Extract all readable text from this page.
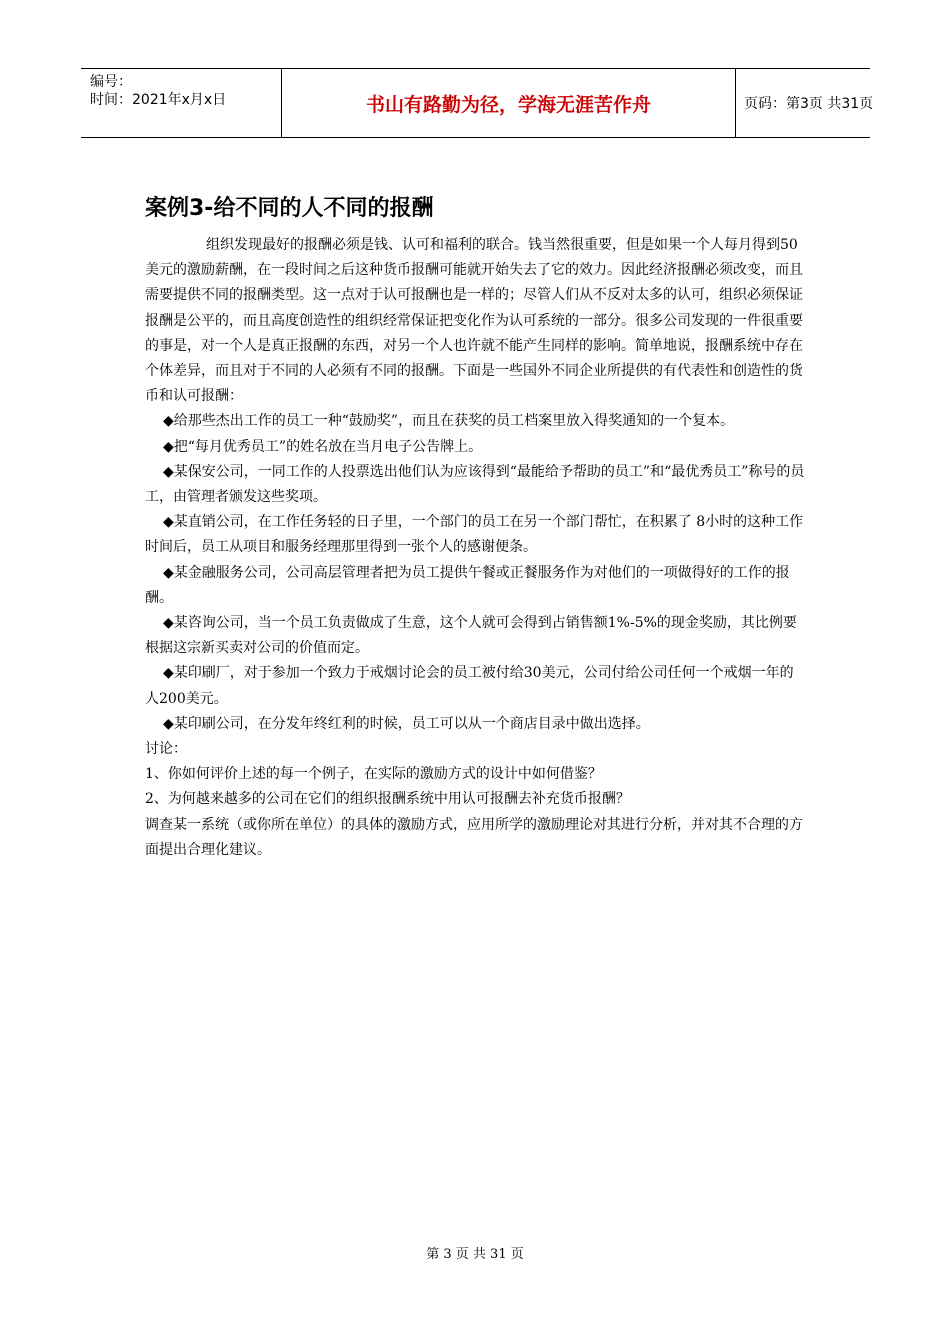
编号：
时间：2021年x月x日	书山有路勤为径，学海无涯苦作舟	页码：第3页 共31页
案例3-给不同的人不同的报酬

组织发现最好的报酬必须是钱、认可和福利的联合。钱当然很重要，但是如果一个人每月得到50美元的激励薪酬，在一段时间之后这种货币报酬可能就开始失去了它的效力。因此经济报酬必须改变，而且需要提供不同的报酬类型。这一点对于认可报酬也是一样的；尽管人们从不反对太多的认可，组织必须保证报酬是公平的，而且高度创造性的组织经常保证把变化作为认可系统的一部分。很多公司发现的一件很重要的事是，对一个人是真正报酬的东西，对另一个人也许就不能产生同样的影响。简单地说，报酬系统中存在个体差异，而且对于不同的人必须有不同的报酬。下面是一些国外不同企业所提供的有代表性和创造性的货币和认可报酬：

◆给那些杰出工作的员工一种“鼓励奖”，而且在获奖的员工档案里放入得奖通知的一个复本。

◆把“每月优秀员工”的姓名放在当月电子公告牌上。

◆某保安公司，一同工作的人投票选出他们认为应该得到“最能给予帮助的员工”和“最优秀员工”称号的员工，由管理者颁发这些奖项。

◆某直销公司，在工作任务轻的日子里，一个部门的员工在另一个部门帮忙，在积累了 8小时的这种工作时间后，员工从项目和服务经理那里得到一张个人的感谢便条。

◆某金融服务公司，公司高层管理者把为员工提供午餐或正餐服务作为对他们的一项做得好的工作的报酬。

◆某咨询公司，当一个员工负责做成了生意，这个人就可会得到占销售额1%-5%的现金奖励，其比例要根据这宗新买卖对公司的价值而定。

◆某印刷厂，对于参加一个致力于戒烟讨论会的员工被付给30美元，公司付给公司任何一个戒烟一年的人200美元。

◆某印刷公司，在分发年终红利的时候，员工可以从一个商店目录中做出选择。

讨论：

1、你如何评价上述的每一个例子，在实际的激励方式的设计中如何借鉴？

2、为何越来越多的公司在它们的组织报酬系统中用认可报酬去补充货币报酬？

调查某一系统（或你所在单位）的具体的激励方式，应用所学的激励理论对其进行分析，并对其不合理的方面提出合理化建议。

第 3 页 共 31 页
